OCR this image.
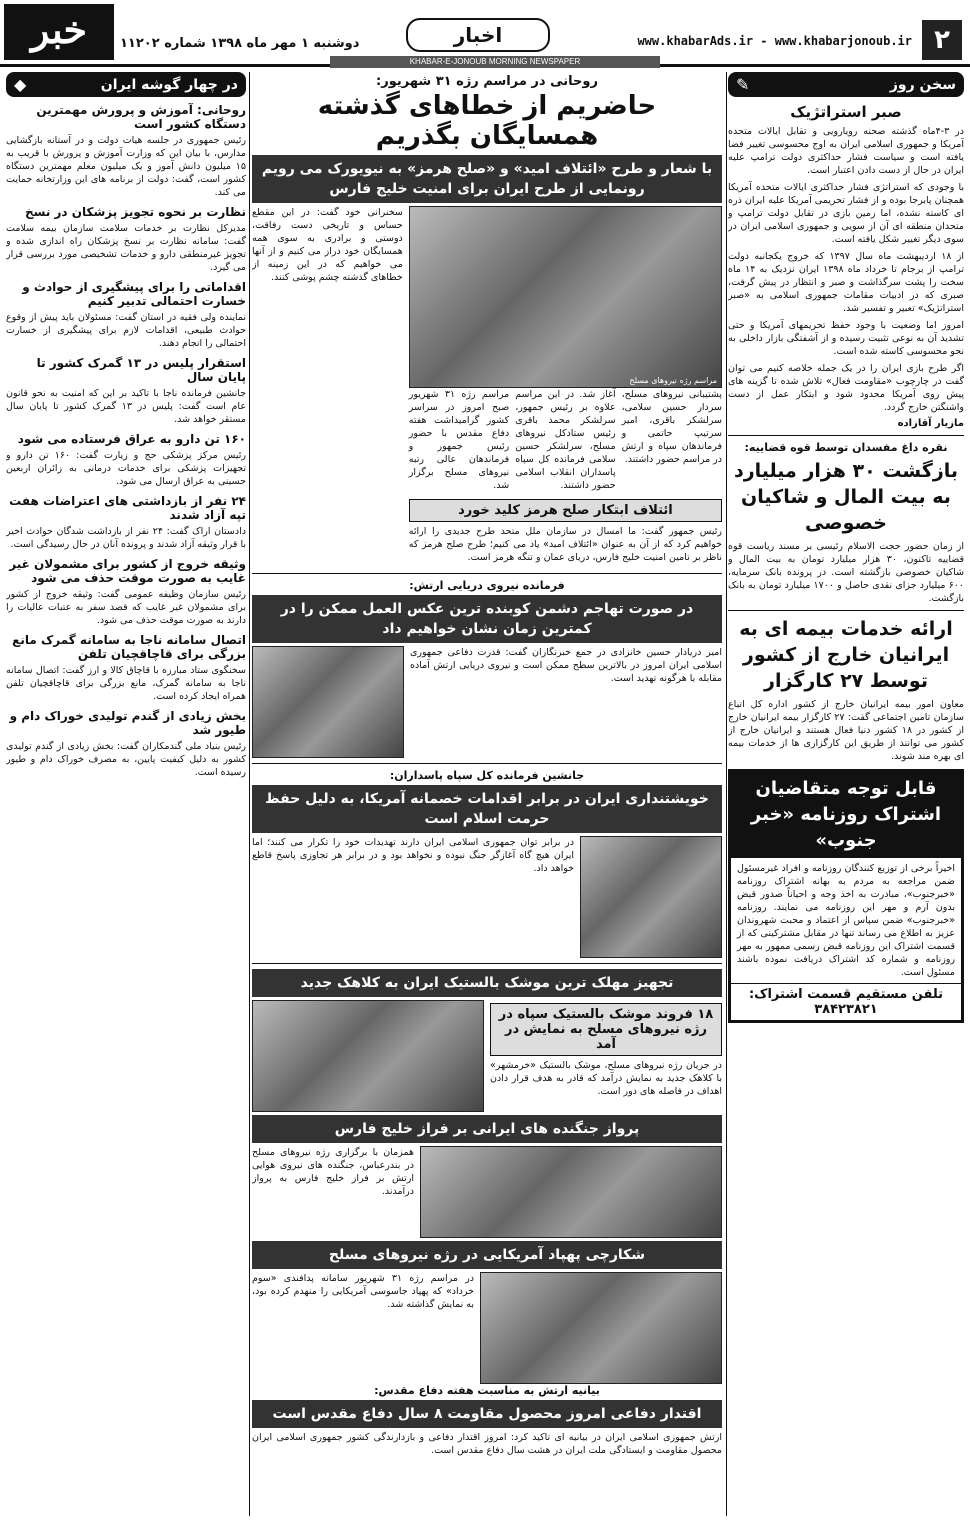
۲
www.khabarAds.ir - www.khabarjonoub.ir
اخبار
دوشنبه ۱ مهر ماه ۱۳۹۸ شماره ۱۱۲۰۲
خبر
KHABAR-E-JONOUB MORNING NEWSPAPER
سخن روز
✎
صبر استراتژیک

در ۳-۴ماه گذشته صحنه رویارویی و تقابل ایالات متحده آمریکا و جمهوری اسلامی ایران به اوج محسوسی تغییر فضا یافته است و سیاست فشار حداکثری دولت ترامپ علیه ایران در حال از دست دادن اعتبار است.

با وجودی که استراتژی فشار حداکثری ایالات متحده آمریکا همچنان پابرجا بوده و از فشار تحریمی آمریکا علیه ایران ذره ای کاسته نشده، اما زمین بازی در تقابل دولت ترامپ و متحدان منطقه ای آن از سویی و جمهوری اسلامی ایران در سوی دیگر تغییر شکل یافته است.

از ۱۸ اردیبهشت ماه سال ۱۳۹۷ که خروج یکجانبه دولت ترامپ از برجام تا خرداد ماه ۱۳۹۸ ایران نزدیک به ۱۴ ماه سخت را پشت سرگذاشت و صبر و انتظار در پیش گرفت، صبری که در ادبیات مقامات جمهوری اسلامی به «صبر استراتژیک» تعبیر و تفسیر شد.

امروز اما وضعیت با وجود حفظ تحریمهای آمریکا و حتی تشدید آن به نوعی تثبیت رسیده و از آشفتگی بازار داخلی به نحو محسوسی کاسته شده است.

اگر طرح بازی ایران را در یک جمله خلاصه کنیم می توان گفت در چارچوب «مقاومت فعال» تلاش شده تا گزینه های پیش روی آمریکا محدود شود و ابتکار عمل از دست واشنگتن خارج گردد.

مازیار آقازاده
نقره داغ مفسدان توسط قوه قضاییه:
بازگشت ۳۰ هزار میلیارد به بیت المال و شاکیان خصوصی

از زمان حضور حجت الاسلام رئیسی بر مسند ریاست قوه قضاییه تاکنون، ۳۰ هزار میلیارد تومان به بیت المال و شاکیان خصوصی بازگشته است. در پرونده بانک سرمایه، ۶۰۰ میلیارد جزای نقدی حاصل و ۱۷۰۰ میلیارد تومان به بانک بازگشت.

ارائه خدمات بیمه ای به ایرانیان خارج از کشور توسط ۲۷ کارگزار

معاون امور بیمه ایرانیان خارج از کشور اداره کل اتباع سازمان تامین اجتماعی گفت: ۲۷ کارگزار بیمه ایرانیان خارج از کشور در ۱۸ کشور دنیا فعال هستند و ایرانیان خارج از کشور می توانند از طریق این کارگزاری ها از خدمات بیمه ای بهره مند شوند.

قابل توجه متقاضیان اشتراک روزنامه «خبر جنوب»
اخیراً برخی از توزیع کنندگان روزنامه و افراد غیرمسئول ضمن مراجعه به مردم به بهانه اشتراک روزنامه «خبرجنوب»، مبادرت به اخذ وجه و احیاناً صدور قبض بدون آرم و مهر این روزنامه می نمایند. روزنامه «خبرجنوب» ضمن سپاس از اعتماد و محبت شهروندان عزیز به اطلاع می رساند تنها در مقابل مشترکینی که از قسمت اشتراک این روزنامه قبض رسمی ممهور به مهر روزنامه و شماره کد اشتراک دریافت نموده باشند مسئول است.
تلفن مستقیم قسمت اشتراک: ۳۸۴۲۳۸۲۱
روحانی در مراسم رژه ۳۱ شهریور:
حاضریم از خطاهای گذشته همسایگان بگذریم
با شعار و طرح «ائتلاف امید» و «صلح هرمز» به نیویورک می رویم رونمایی از طرح ایران برای امنیت خلیج فارس
مراسم رژه نیروهای مسلح

پشتیبانی نیروهای مسلح، سردار حسین سلامی، سرلشکر باقری، امیر سرتیپ حاتمی و فرماندهان سپاه و ارتش در مراسم حضور داشتند.

آغاز شد. در این مراسم علاوه بر رئیس جمهور، سرلشکر محمد باقری رئیس ستادکل نیروهای مسلح، سرلشکر حسین سلامی فرمانده کل سپاه پاسداران انقلاب اسلامی حضور داشتند.

مراسم رژه ۳۱ شهریور صبح امروز در سراسر کشور گرامیداشت هفته دفاع مقدس با حضور رئیس جمهور و فرماندهان عالی رتبه نیروهای مسلح برگزار شد.

ائتلاف ابتکار صلح هرمز کلید خورد

رئیس جمهور گفت: ما امسال در سازمان ملل متحد طرح جدیدی را ارائه خواهیم کرد که از آن به عنوان «ائتلاف امید» یاد می کنیم؛ طرح صلح هرمز که ناظر بر تامین امنیت خلیج فارس، دریای عمان و تنگه هرمز است.

سخنرانی خود گفت: در این مقطع حساس و تاریخی دست رفاقت، دوستی و برادری به سوی همه همسایگان خود دراز می کنیم و از آنها می خواهیم که در این زمینه از خطاهای گذشته چشم پوشی کنند.

فرمانده نیروی دریایی ارتش:
در صورت تهاجم دشمن کوبنده ترین عکس العمل ممکن را در کمترین زمان نشان خواهیم داد

امیر دریادار حسین خانزادی در جمع خبرنگاران گفت: قدرت دفاعی جمهوری اسلامی ایران امروز در بالاترین سطح ممکن است و نیروی دریایی ارتش آماده مقابله با هرگونه تهدید است.

جانشین فرمانده کل سپاه پاسداران:
خویشتنداری ایران در برابر اقدامات خصمانه آمریکا، به دلیل حفظ حرمت اسلام است

در برابر توان جمهوری اسلامی ایران دارند تهدیدات خود را تکرار می کنند؛ اما ایران هیچ گاه آغازگر جنگ نبوده و نخواهد بود و در برابر هر تجاوزی پاسخ قاطع خواهد داد.

تجهیز مهلک ترین موشک بالستیک ایران به کلاهک جدید
۱۸ فروند موشک بالستیک سپاه در رژه نیروهای مسلح به نمایش در آمد

در جریان رژه نیروهای مسلح، موشک بالستیک «خرمشهر» با کلاهک جدید به نمایش درآمد که قادر به هدف قرار دادن اهداف در فاصله های دور است.

پرواز جنگنده های ایرانی بر فراز خلیج فارس

همزمان با برگزاری رژه نیروهای مسلح در بندرعباس، جنگنده های نیروی هوایی ارتش بر فراز خلیج فارس به پرواز درآمدند.

شکارچی پهپاد آمریکایی در رژه نیروهای مسلح

در مراسم رژه ۳۱ شهریور سامانه پدافندی «سوم خرداد» که پهپاد جاسوسی آمریکایی را منهدم کرده بود، به نمایش گذاشته شد.

بیانیه ارتش به مناسبت هفته دفاع مقدس:
اقتدار دفاعی امروز محصول مقاومت ۸ سال دفاع مقدس است

ارتش جمهوری اسلامی ایران در بیانیه ای تاکید کرد: امروز اقتدار دفاعی و بازدارندگی کشور جمهوری اسلامی ایران محصول مقاومت و ایستادگی ملت ایران در هشت سال دفاع مقدس است.

در چهار گوشه ایران
◆
روحانی: آموزش و پرورش مهمترین دستگاه کشور است

رئیس جمهوری در جلسه هیات دولت و در آستانه بازگشایی مدارس، با بیان این که وزارت آموزش و پرورش با قریب به ۱۵ میلیون دانش آموز و یک میلیون معلم مهمترین دستگاه کشور است، گفت: دولت از برنامه های این وزارتخانه حمایت می کند.

نظارت بر نحوه تجویز پزشکان در نسخ

مدیرکل نظارت بر خدمات سلامت سازمان بیمه سلامت گفت: سامانه نظارت بر نسخ پزشکان راه اندازی شده و تجویز غیرمنطقی دارو و خدمات تشخیصی مورد بررسی قرار می گیرد.

اقداماتی را برای پیشگیری از حوادث و خسارت احتمالی تدبیر کنیم

نماینده ولی فقیه در استان گفت: مسئولان باید پیش از وقوع حوادث طبیعی، اقدامات لازم برای پیشگیری از خسارت احتمالی را انجام دهند.

استقرار پلیس در ۱۳ گمرک کشور تا پایان سال

جانشین فرمانده ناجا با تاکید بر این که امنیت به نحو قانون عام است گفت: پلیس در ۱۳ گمرک کشور تا پایان سال مستقر خواهد شد.

۱۶۰ تن دارو به عراق فرستاده می شود

رئیس مرکز پزشکی حج و زیارت گفت: ۱۶۰ تن دارو و تجهیزات پزشکی برای خدمات درمانی به زائران اربعین حسینی به عراق ارسال می شود.

۲۴ نفر از بازداشتی های اعتراضات هفت تپه آزاد شدند

دادستان اراک گفت: ۲۴ نفر از بازداشت شدگان حوادث اخیر با قرار وثیقه آزاد شدند و پرونده آنان در حال رسیدگی است.

وثیقه خروج از کشور برای مشمولان غیر غایب به صورت موقت حذف می شود

رئیس سازمان وظیفه عمومی گفت: وثیقه خروج از کشور برای مشمولان غیر غایب که قصد سفر به عتبات عالیات را دارند به صورت موقت حذف می شود.

اتصال سامانه ناجا به سامانه گمرک مانع بزرگی برای قاچاقچیان تلفن

سخنگوی ستاد مبارزه با قاچاق کالا و ارز گفت: اتصال سامانه ناجا به سامانه گمرک، مانع بزرگی برای قاچاقچیان تلفن همراه ایجاد کرده است.

بخش زیادی از گندم تولیدی خوراک دام و طیور شد

رئیس بنیاد ملی گندمکاران گفت: بخش زیادی از گندم تولیدی کشور به دلیل کیفیت پایین، به مصرف خوراک دام و طیور رسیده است.
